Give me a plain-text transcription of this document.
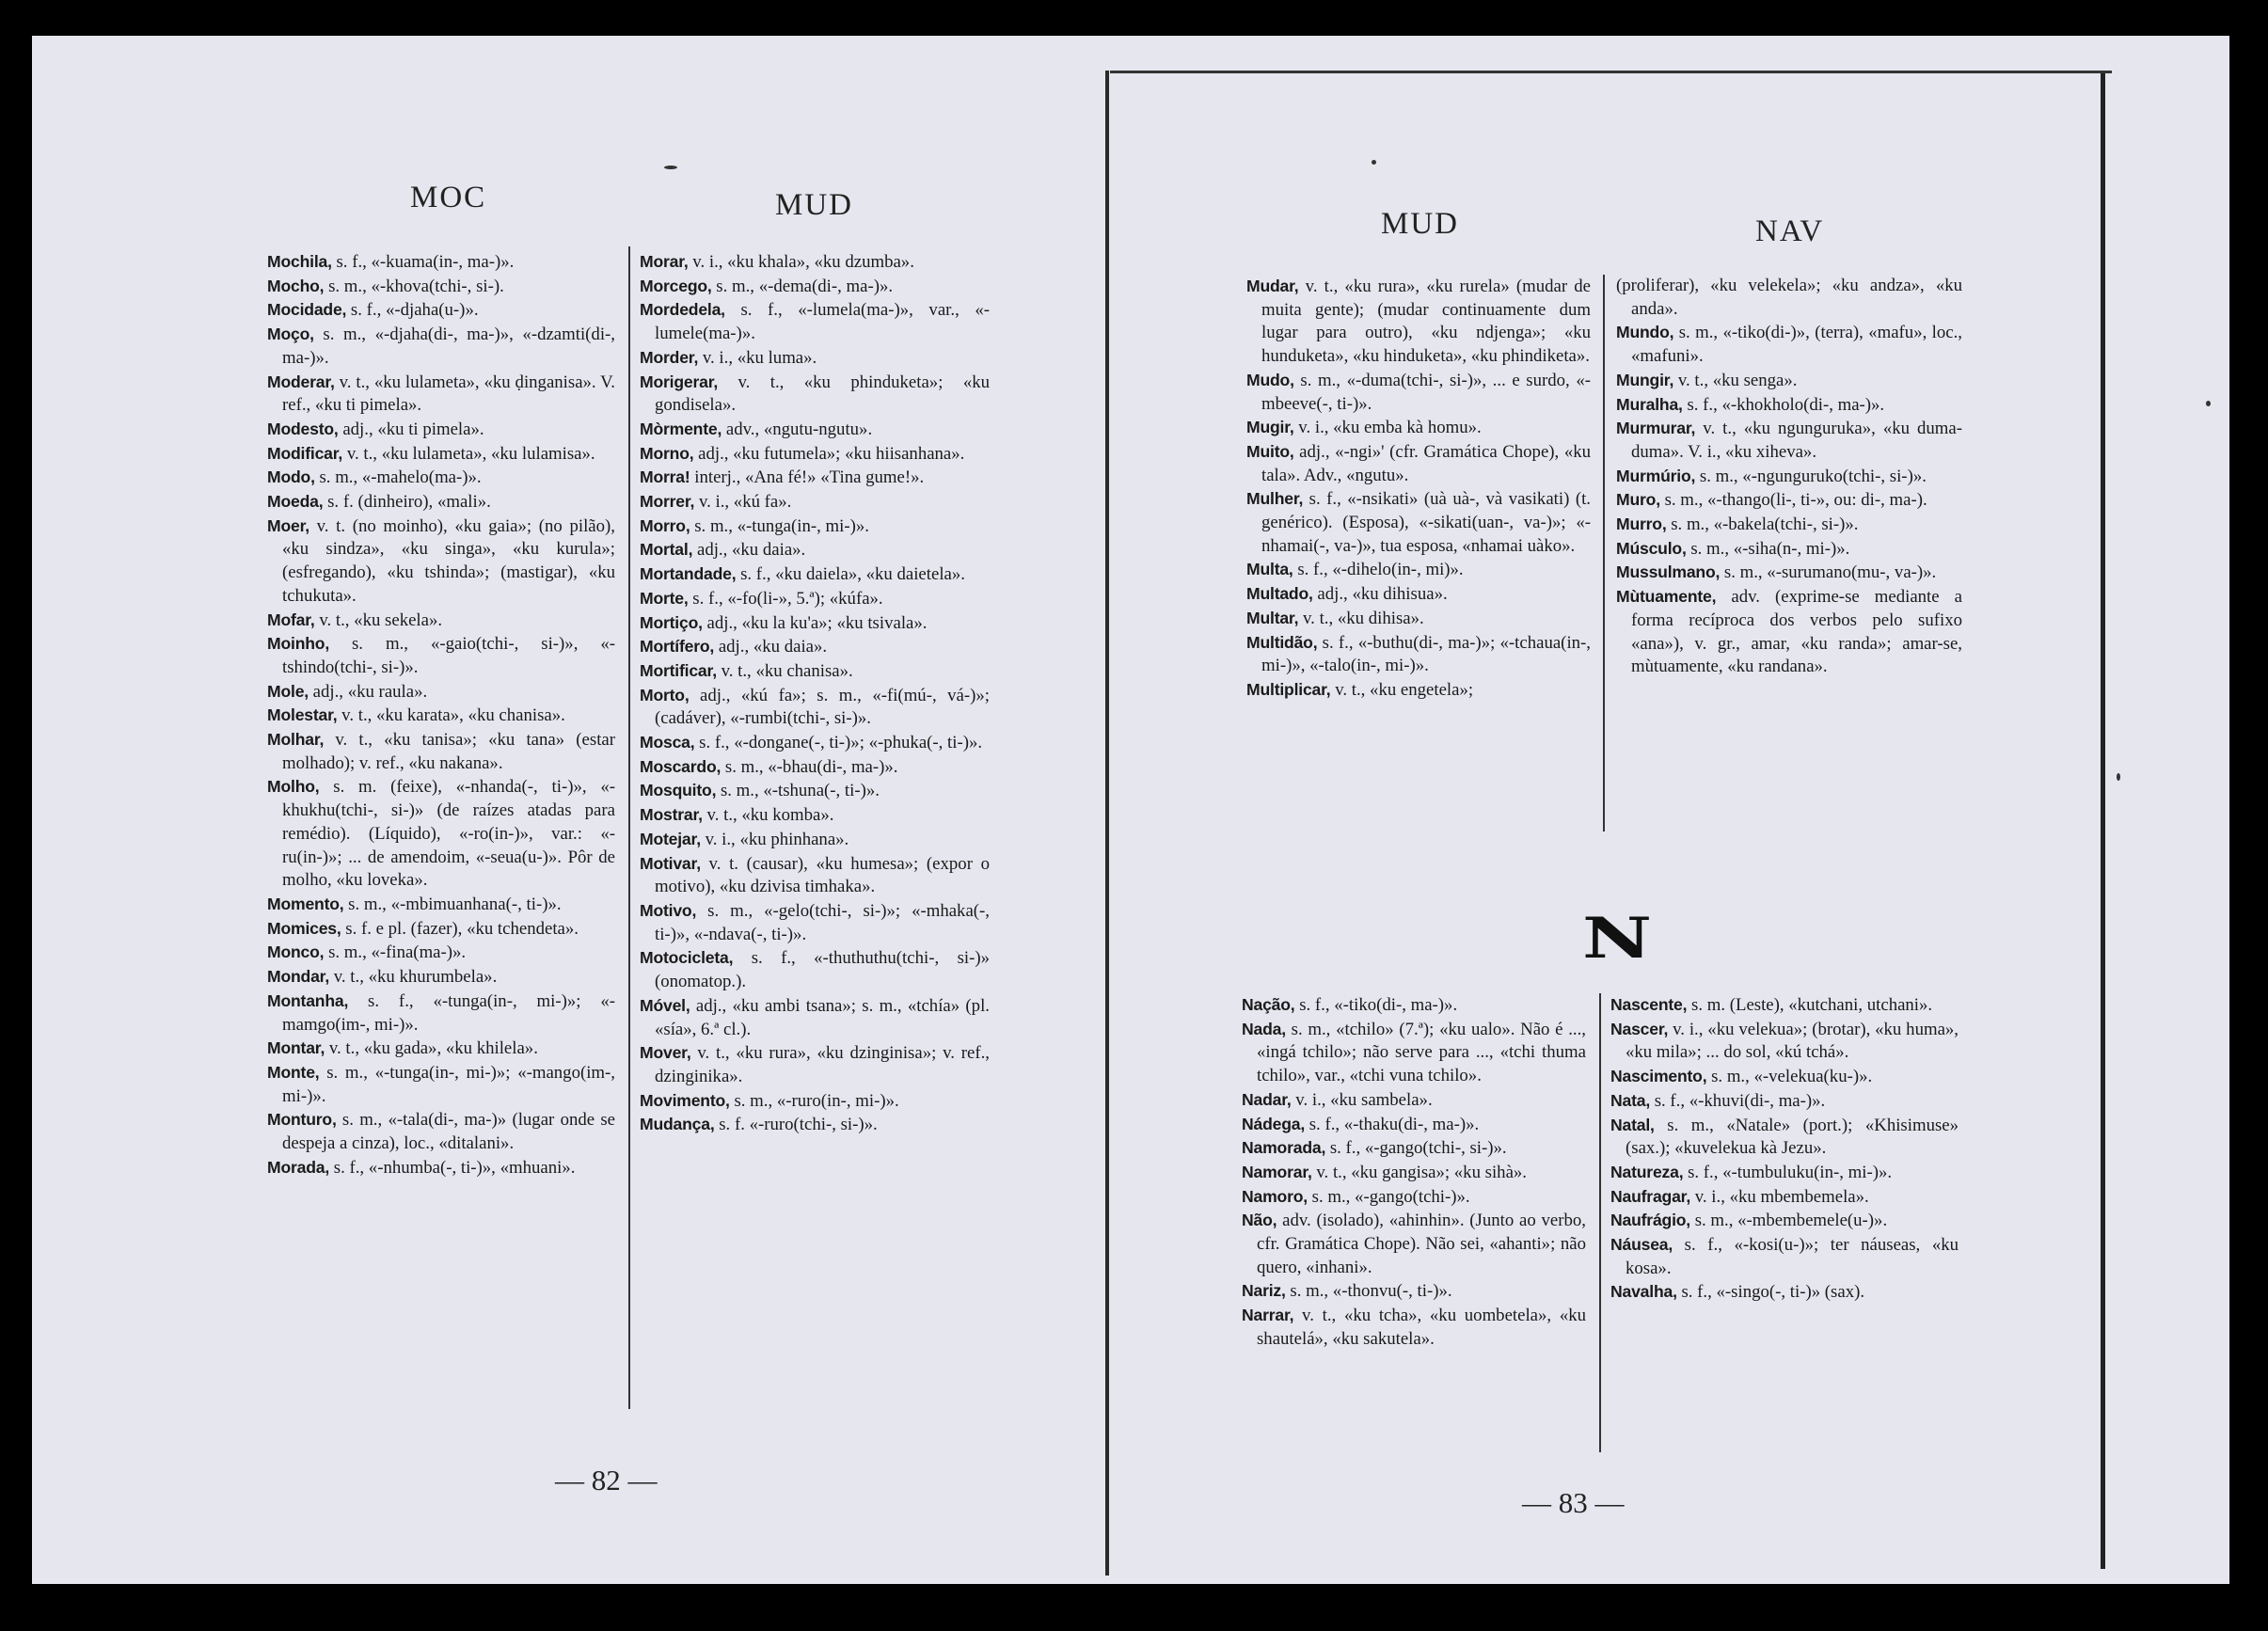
MOC	MUD

Mochila, s. f., «-kuama(in-, ma-)».

Mocho, s. m., «-khova(tchi-, si-).

Mocidade, s. f., «-djaha(u-)».

Moço, s. m., «-djaha(di-, ma-)», «-dzamti(di-, ma-)».

Moderar, v. t., «ku lulameta», «ku ḍinganisa». V. ref., «ku ti pimela».

Modesto, adj., «ku ti pimela».

Modificar, v. t., «ku lulameta», «ku lulamisa».

Modo, s. m., «-mahelo(ma-)».

Moeda, s. f. (dinheiro), «mali».

Moer, v. t. (no moinho), «ku gaia»; (no pilão), «ku sindza», «ku singa», «ku kurula»; (esfregando), «ku tshinda»; (mastigar), «ku tchukuta».

Mofar, v. t., «ku sekela».

Moinho, s. m., «-gaio(tchi-, si-)», «-tshindo(tchi-, si-)».

Mole, adj., «ku raula».

Molestar, v. t., «ku karata», «ku chanisa».

Molhar, v. t., «ku tanisa»; «ku tana» (estar molhado); v. ref., «ku nakana».

Molho, s. m. (feixe), «-nhanda(-, ti-)», «-khukhu(tchi-, si-)» (de raízes atadas para remédio). (Líquido), «-ro(in-)», var.: «-ru(in-)»; ... de amendoim, «-seua(u-)». Pôr de molho, «ku loveka».

Momento, s. m., «-mbimuanhana(-, ti-)».

Momices, s. f. e pl. (fazer), «ku tchendeta».

Monco, s. m., «-fina(ma-)».

Mondar, v. t., «ku khurumbela».

Montanha, s. f., «-tunga(in-, mi-)»; «-mamgo(im-, mi-)».

Montar, v. t., «ku gada», «ku khilela».

Monte, s. m., «-tunga(in-, mi-)»; «-mango(im-, mi-)».

Monturo, s. m., «-tala(di-, ma-)» (lugar onde se despeja a cinza), loc., «ditalani».

Morada, s. f., «-nhumba(-, ti-)», «mhuani».

Morar, v. i., «ku khala», «ku dzumba».

Morcego, s. m., «-dema(di-, ma-)».

Mordedela, s. f., «-lumela(ma-)», var., «-lumele(ma-)».

Morder, v. i., «ku luma».

Morigerar, v. t., «ku phinduketa»; «ku gondisela».

Mòrmente, adv., «ngutu-ngutu».

Morno, adj., «ku futumela»; «ku hiisanhana».

Morra! interj., «Ana fé!» «Tina gume!».

Morrer, v. i., «kú fa».

Morro, s. m., «-tunga(in-, mi-)».

Mortal, adj., «ku daia».

Mortandade, s. f., «ku daiela», «ku daietela».

Morte, s. f., «-fo(li-», 5.ª); «kúfa».

Mortiço, adj., «ku la ku'a»; «ku tsivala».

Mortífero, adj., «ku daia».

Mortificar, v. t., «ku chanisa».

Morto, adj., «kú fa»; s. m., «-fi(mú-, vá-)»; (cadáver), «-rumbi(tchi-, si-)».

Mosca, s. f., «-dongane(-, ti-)»; «-phuka(-, ti-)».

Moscardo, s. m., «-bhau(di-, ma-)».

Mosquito, s. m., «-tshuna(-, ti-)».

Mostrar, v. t., «ku komba».

Motejar, v. i., «ku phinhana».

Motivar, v. t. (causar), «ku humesa»; (expor o motivo), «ku dzivisa timhaka».

Motivo, s. m., «-gelo(tchi-, si-)»; «-mhaka(-, ti-)», «-ndava(-, ti-)».

Motocicleta, s. f., «-thuthuthu(tchi-, si-)» (onomatop.).

Móvel, adj., «ku ambi tsana»; s. m., «tchía» (pl. «sía», 6.ª cl.).

Mover, v. t., «ku rura», «ku dzinginisa»; v. ref., dzinginika».

Movimento, s. m., «-ruro(in-, mi-)».

Mudança, s. f. «-ruro(tchi-, si-)».

— 82 —
MUD	NAV

Mudar, v. t., «ku rura», «ku rurela» (mudar de muita gente); (mudar continuamente dum lugar para outro), «ku ndjenga»; «ku hunduketa», «ku hinduketa», «ku phindiketa».

Mudo, s. m., «-duma(tchi-, si-)», ... e surdo, «-mbeeve(-, ti-)».

Mugir, v. i., «ku emba kà homu».

Muito, adj., «-ngi»' (cfr. Gramática Chope), «ku tala». Adv., «ngutu».

Mulher, s. f., «-nsikati» (uà uà-, và vasikati) (t. genérico). (Esposa), «-sikati(uan-, va-)»; «-nhamai(-, va-)», tua esposa, «nhamai uàko».

Multa, s. f., «-dihelo(in-, mi)».

Multado, adj., «ku dihisua».

Multar, v. t., «ku dihisa».

Multidão, s. f., «-buthu(di-, ma-)»; «-tchaua(in-, mi-)», «-talo(in-, mi-)».

Multiplicar, v. t., «ku engetela»;

(proliferar), «ku velekela»; «ku andza», «ku anda».

Mundo, s. m., «-tiko(di-)», (terra), «mafu», loc., «mafuni».

Mungir, v. t., «ku senga».

Muralha, s. f., «-khokholo(di-, ma-)».

Murmurar, v. t., «ku ngunguruka», «ku duma-duma». V. i., «ku xiheva».

Murmúrio, s. m., «-ngunguruko(tchi-, si-)».

Muro, s. m., «-thango(li-, ti-», ou: di-, ma-).

Murro, s. m., «-bakela(tchi-, si-)».

Músculo, s. m., «-siha(n-, mi-)».

Mussulmano, s. m., «-surumano(mu-, va-)».

Mùtuamente, adv. (exprime-se mediante a forma recíproca dos verbos pelo sufixo «ana»), v. gr., amar, «ku randa»; amar-se, mùtuamente, «ku randana».

N

Nação, s. f., «-tiko(di-, ma-)».

Nada, s. m., «tchilo» (7.ª); «ku ualo». Não é ..., «ingá tchilo»; não serve para ..., «tchi thuma tchilo», var., «tchi vuna tchilo».

Nadar, v. i., «ku sambela».

Nádega, s. f., «-thaku(di-, ma-)».

Namorada, s. f., «-gango(tchi-, si-)».

Namorar, v. t., «ku gangisa»; «ku sihà».

Namoro, s. m., «-gango(tchi-)».

Não, adv. (isolado), «ahinhin». (Junto ao verbo, cfr. Gramática Chope). Não sei, «ahanti»; não quero, «inhani».

Nariz, s. m., «-thonvu(-, ti-)».

Narrar, v. t., «ku tcha», «ku uombetela», «ku shautelá», «ku sakutela».

Nascente, s. m. (Leste), «kutchani, utchani».

Nascer, v. i., «ku velekua»; (brotar), «ku huma», «ku mila»; ... do sol, «kú tchá».

Nascimento, s. m., «-velekua(ku-)».

Nata, s. f., «-khuvi(di-, ma-)».

Natal, s. m., «Natale» (port.); «Khisimuse» (sax.); «kuvelekua kà Jezu».

Natureza, s. f., «-tumbuluku(in-, mi-)».

Naufragar, v. i., «ku mbembemela».

Naufrágio, s. m., «-mbembemele(u-)».

Náusea, s. f., «-kosi(u-)»; ter náuseas, «ku kosa».

Navalha, s. f., «-singo(-, ti-)» (sax).

— 83 —
